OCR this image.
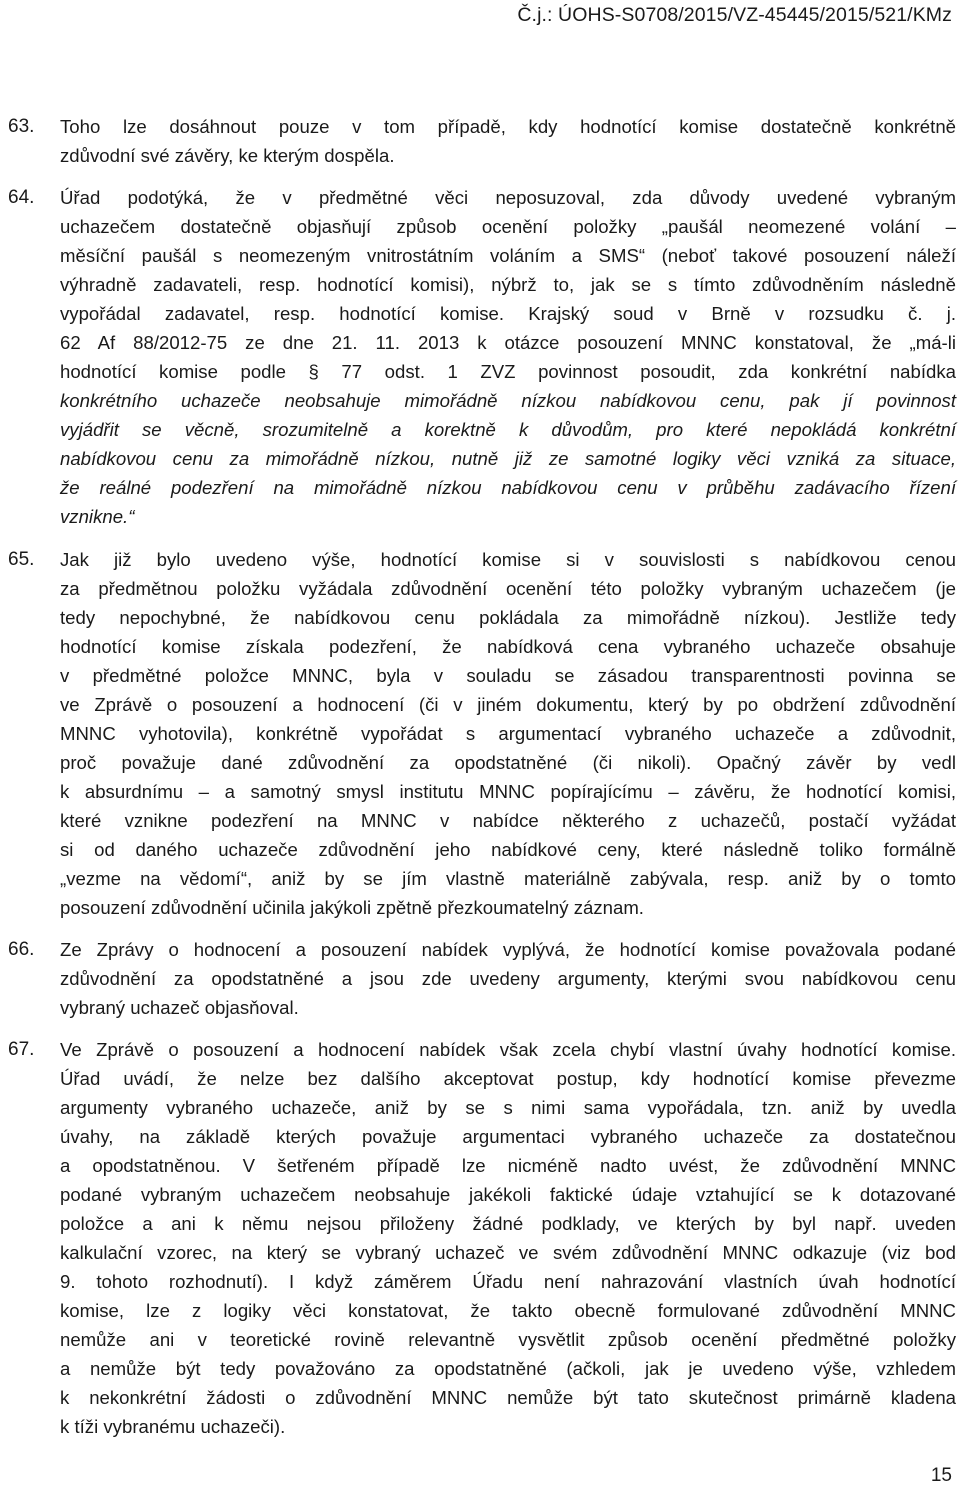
Č.j.: ÚOHS-S0708/2015/VZ-45445/2015/521/KMz
63. Toho lze dosáhnout pouze v tom případě, kdy hodnotící komise dostatečně konkrétně
zdůvodní své závěry, ke kterým dospěla.
64. Úřad podotýká, že v předmětné věci neposuzoval, zda důvody uvedené vybraným
uchazečem dostatečně objasňují způsob ocenění položky „paušál neomezené volání –
měsíční paušál s neomezeným vnitrostátním voláním a SMS“ (neboť takové posouzení náleží
výhradně zadavateli, resp. hodnotící komisi), nýbrž to, jak se s tímto zdůvodněním následně
vypořádal zadavatel, resp. hodnotící komise. Krajský soud v Brně v rozsudku č. j.
62 Af 88/2012-75 ze dne 21. 11. 2013 k otázce posouzení MNNC konstatoval, že „má-li
hodnotící komise podle § 77 odst. 1 ZVZ povinnost posoudit, zda konkrétní nabídka
konkrétního uchazeče neobsahuje mimořádně nízkou nabídkovou cenu, pak jí povinnost
vyjádřit se věcně, srozumitelně a korektně k důvodům, pro které nepokládá konkrétní
nabídkovou cenu za mimořádně nízkou, nutně již ze samotné logiky věci vzniká za situace,
že reálné podezření na mimořádně nízkou nabídkovou cenu v průběhu zadávacího řízení
vznikne.“
65. Jak již bylo uvedeno výše, hodnotící komise si v souvislosti s nabídkovou cenou
za předmětnou položku vyžádala zdůvodnění ocenění této položky vybraným uchazečem (je
tedy nepochybné, že nabídkovou cenu pokládala za mimořádně nízkou). Jestliže tedy
hodnotící komise získala podezření, že nabídková cena vybraného uchazeče obsahuje
v předmětné položce MNNC, byla v souladu se zásadou transparentnosti povinna se
ve Zprávě o posouzení a hodnocení (či v jiném dokumentu, který by po obdržení zdůvodnění
MNNC vyhotovila), konkrétně vypořádat s argumentací vybraného uchazeče a zdůvodnit,
proč považuje dané zdůvodnění za opodstatněné (či nikoli). Opačný závěr by vedl
k absurdnímu – a samotný smysl institutu MNNC popírajícímu – závěru, že hodnotící komisi,
které vznikne podezření na MNNC v nabídce některého z uchazečů, postačí vyžádat
si od daného uchazeče zdůvodnění jeho nabídkové ceny, které následně toliko formálně
„vezme na vědomí“, aniž by se jím vlastně materiálně zabývala, resp. aniž by o tomto
posouzení zdůvodnění učinila jakýkoli zpětně přezkoumatelný záznam.
66. Ze Zprávy o hodnocení a posouzení nabídek vyplývá, že hodnotící komise považovala podané
zdůvodnění za opodstatněné a jsou zde uvedeny argumenty, kterými svou nabídkovou cenu
vybraný uchazeč objasňoval.
67. Ve Zprávě o posouzení a hodnocení nabídek však zcela chybí vlastní úvahy hodnotící komise.
Úřad uvádí, že nelze bez dalšího akceptovat postup, kdy hodnotící komise převezme
argumenty vybraného uchazeče, aniž by se s nimi sama vypořádala, tzn. aniž by uvedla
úvahy, na základě kterých považuje argumentaci vybraného uchazeče za dostatečnou
a opodstatněnou. V šetřeném případě lze nicméně nadto uvést, že zdůvodnění MNNC
podané vybraným uchazečem neobsahuje jakékoli faktické údaje vztahující se k dotazované
položce a ani k němu nejsou přiloženy žádné podklady, ve kterých by byl např. uveden
kalkulační vzorec, na který se vybraný uchazeč ve svém zdůvodnění MNNC odkazuje (viz bod
9. tohoto rozhodnutí). I když záměrem Úřadu není nahrazování vlastních úvah hodnotící
komise, lze z logiky věci konstatovat, že takto obecně formulované zdůvodnění MNNC
nemůže ani v teoretické rovině relevantně vysvětlit způsob ocenění předmětné položky
a nemůže být tedy považováno za opodstatněné (ačkoli, jak je uvedeno výše, vzhledem
k nekonkrétní žádosti o zdůvodnění MNNC nemůže být tato skutečnost primárně kladena
k tíži vybranému uchazeči).
15
